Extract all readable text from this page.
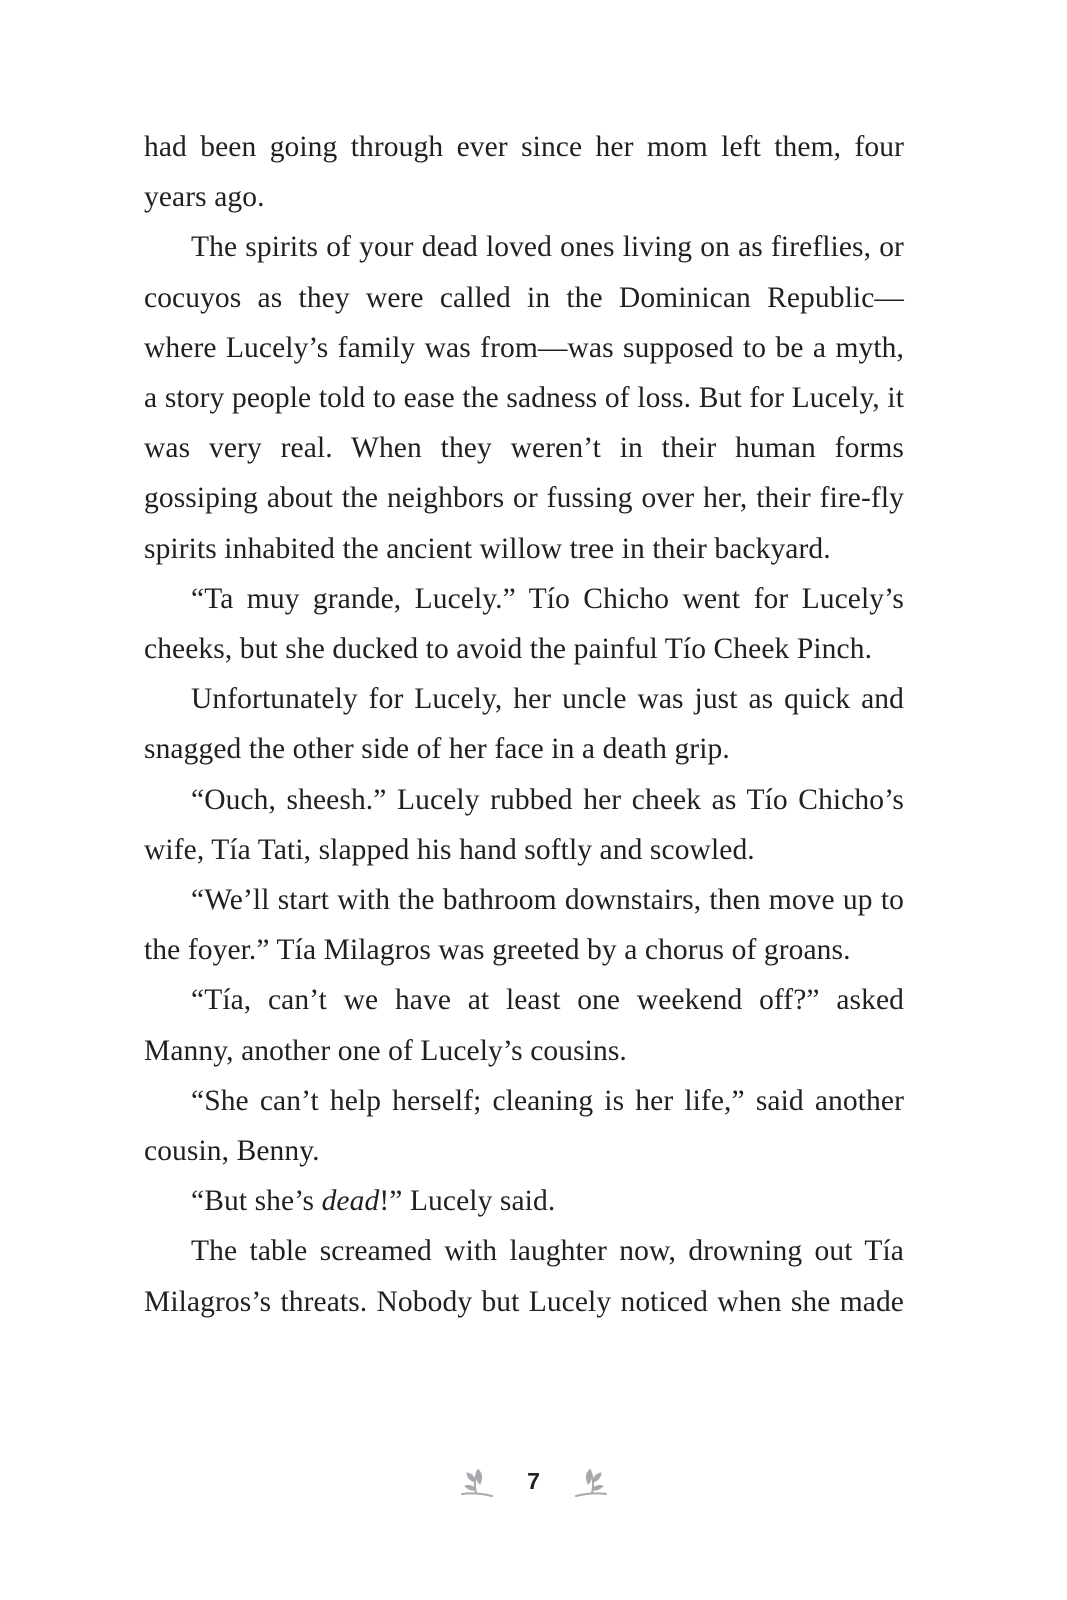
had been going through ever since her mom left them, four years ago.

The spirits of your dead loved ones living on as fireflies, or cocuyos as they were called in the Dominican Republic— where Lucely’s family was from—was supposed to be a myth, a story people told to ease the sadness of loss. But for Lucely, it was very real. When they weren’t in their human forms gossiping about the neighbors or fussing over her, their fire-fly spirits inhabited the ancient willow tree in their backyard.

“Ta muy grande, Lucely.” Tío Chicho went for Lucely’s cheeks, but she ducked to avoid the painful Tío Cheek Pinch.

Unfortunately for Lucely, her uncle was just as quick and snagged the other side of her face in a death grip.

“Ouch, sheesh.” Lucely rubbed her cheek as Tío Chicho’s wife, Tía Tati, slapped his hand softly and scowled.

“We’ll start with the bathroom downstairs, then move up to the foyer.” Tía Milagros was greeted by a chorus of groans.

“Tía, can’t we have at least one weekend off?” asked Manny, another one of Lucely’s cousins.

“She can’t help herself; cleaning is her life,” said another cousin, Benny.

“But she’s dead!” Lucely said.

The table screamed with laughter now, drowning out Tía Milagros’s threats. Nobody but Lucely noticed when she made

7
